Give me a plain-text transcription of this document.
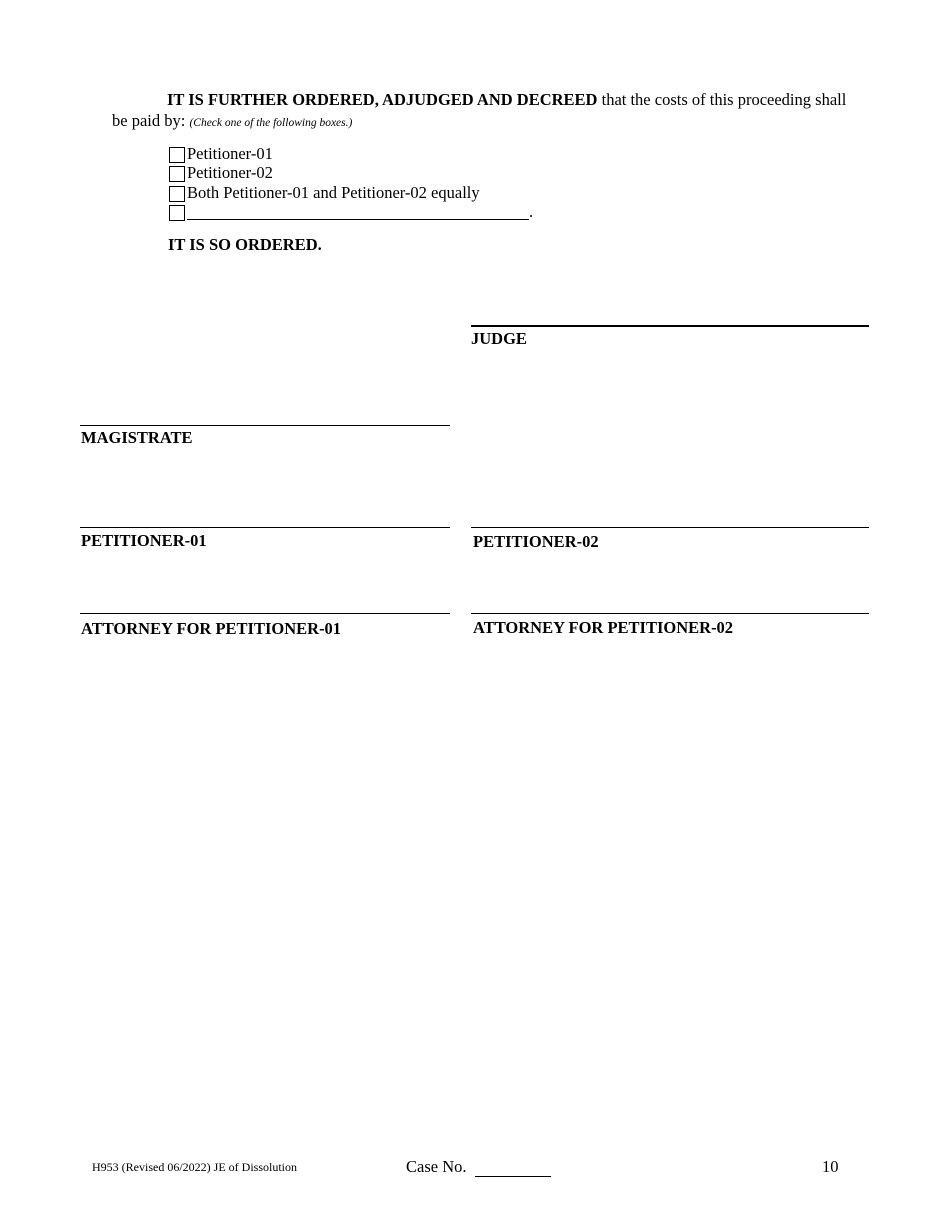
IT IS FURTHER ORDERED, ADJUDGED AND DECREED that the costs of this proceeding shall be paid by: (Check one of the following boxes.)
Petitioner-01
Petitioner-02
Both Petitioner-01 and Petitioner-02 equally
.
IT IS SO ORDERED.
JUDGE
MAGISTRATE
PETITIONER-01	PETITIONER-02
ATTORNEY FOR PETITIONER-01	ATTORNEY FOR PETITIONER-02
H953 (Revised 06/2022) JE of Dissolution	Case No.	10
